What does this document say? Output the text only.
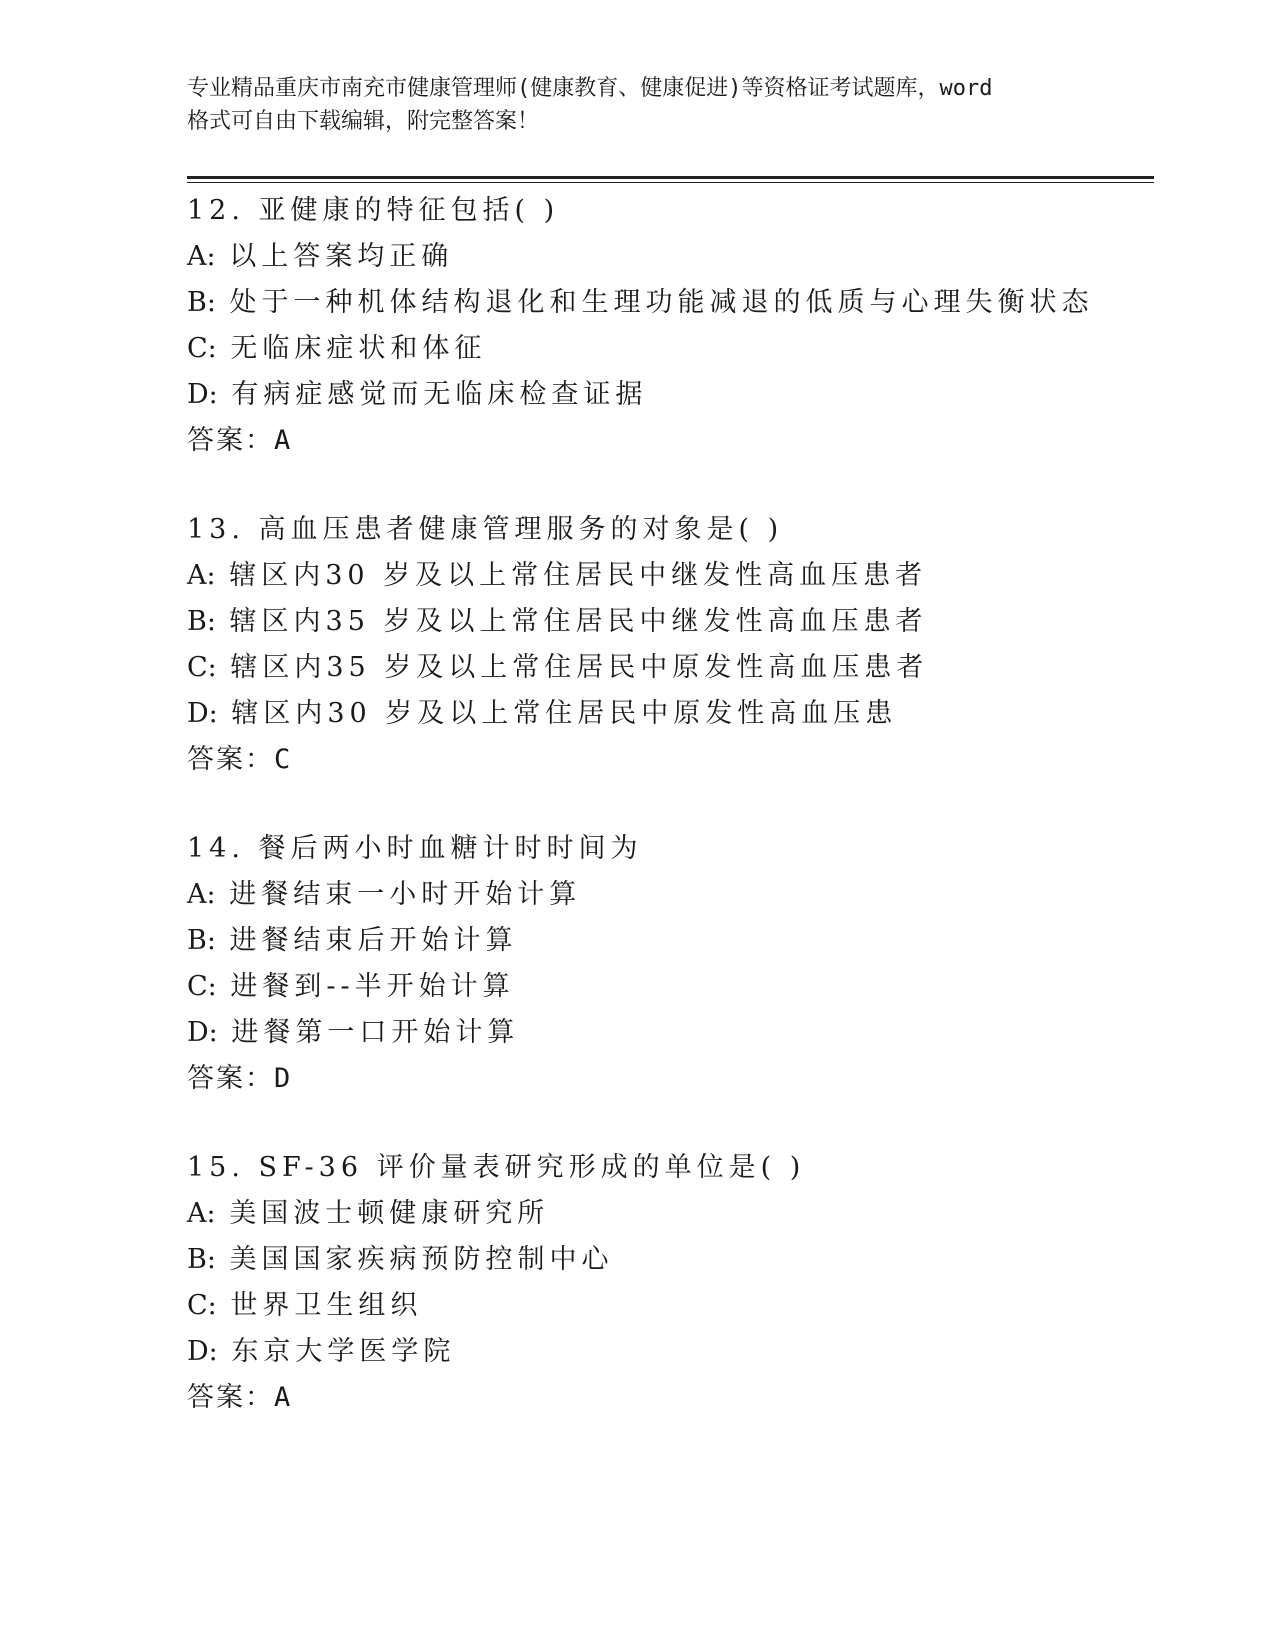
专业精品重庆市南充市健康管理师(健康教育、健康促进)等资格证考试题库，word
格式可自由下载编辑，附完整答案！
12. 亚健康的特征包括( )
A: 以上答案均正确
B: 处于一种机体结构退化和生理功能减退的低质与心理失衡状态
C: 无临床症状和体征
D: 有病症感觉而无临床检查证据
答案：A
13. 高血压患者健康管理服务的对象是( )
A: 辖区内30 岁及以上常住居民中继发性高血压患者
B: 辖区内35 岁及以上常住居民中继发性高血压患者
C: 辖区内35 岁及以上常住居民中原发性高血压患者
D: 辖区内30 岁及以上常住居民中原发性高血压患
答案：C
14. 餐后两小时血糖计时时间为
A: 进餐结束一小时开始计算
B: 进餐结束后开始计算
C: 进餐到--半开始计算
D: 进餐第一口开始计算
答案：D
15. SF-36 评价量表研究形成的单位是( )
A: 美国波士顿健康研究所
B: 美国国家疾病预防控制中心
C: 世界卫生组织
D: 东京大学医学院
答案：A
